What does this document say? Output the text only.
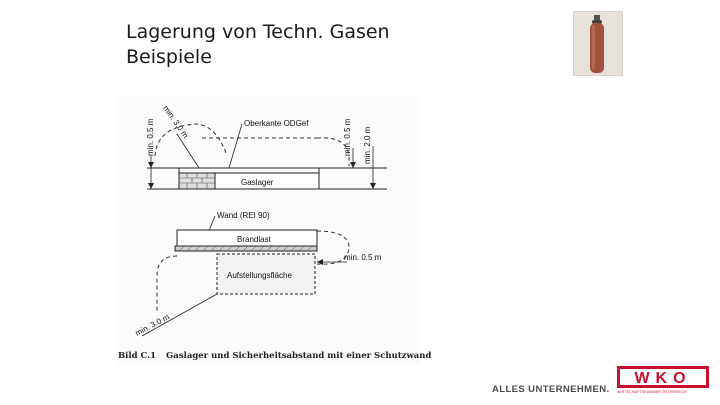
Lagerung von Techn. Gasen
Beispiele
Gaslager
min. 0.5 m min. 3.0 m	Oberkante ODGef	min. 0.5 m min. 2.0 m
Wand (REI 90)
Brandlast
Aufstellungsfläche
min. 0.5 m
min. 3.0 m
Bild C.1 Gaslager und Sicherheitsabstand mit einer Schutzwand
ALLES UNTERNEHMEN.
WKO
WIRTSCHAFTSKAMMER ÖSTERREICH
